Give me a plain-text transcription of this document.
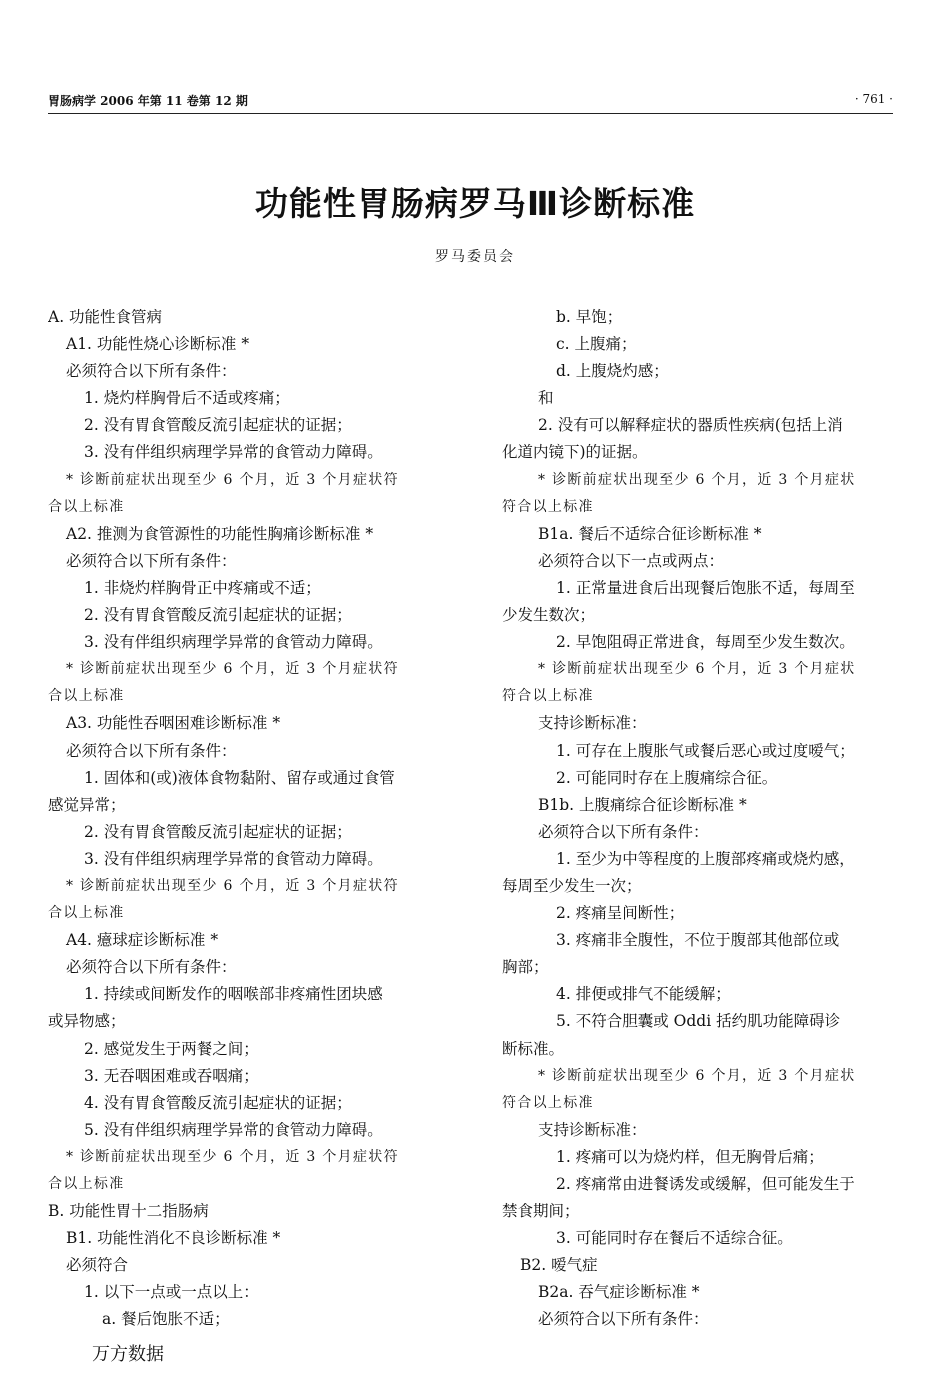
胃肠病学 2006 年第 11 卷第 12 期	· 761 ·
功能性胃肠病罗马Ⅲ诊断标准
罗马委员会
A. 功能性食管病
A1. 功能性烧心诊断标准 *
必须符合以下所有条件：
1. 烧灼样胸骨后不适或疼痛；
2. 没有胃食管酸反流引起症状的证据；
3. 没有伴组织病理学异常的食管动力障碍。
* 诊断前症状出现至少 6 个月，近 3 个月症状符
合以上标准
A2. 推测为食管源性的功能性胸痛诊断标准 *
必须符合以下所有条件：
1. 非烧灼样胸骨正中疼痛或不适；
2. 没有胃食管酸反流引起症状的证据；
3. 没有伴组织病理学异常的食管动力障碍。
* 诊断前症状出现至少 6 个月，近 3 个月症状符
合以上标准
A3. 功能性吞咽困难诊断标准 *
必须符合以下所有条件：
1. 固体和(或)液体食物黏附、留存或通过食管
感觉异常；
2. 没有胃食管酸反流引起症状的证据；
3. 没有伴组织病理学异常的食管动力障碍。
* 诊断前症状出现至少 6 个月，近 3 个月症状符
合以上标准
A4. 癔球症诊断标准 *
必须符合以下所有条件：
1. 持续或间断发作的咽喉部非疼痛性团块感
或异物感；
2. 感觉发生于两餐之间；
3. 无吞咽困难或吞咽痛；
4. 没有胃食管酸反流引起症状的证据；
5. 没有伴组织病理学异常的食管动力障碍。
* 诊断前症状出现至少 6 个月，近 3 个月症状符
合以上标准
B. 功能性胃十二指肠病
B1. 功能性消化不良诊断标准 *
必须符合
1. 以下一点或一点以上：
a. 餐后饱胀不适；
b. 早饱；
c. 上腹痛；
d. 上腹烧灼感；
和
2. 没有可以解释症状的器质性疾病(包括上消
化道内镜下)的证据。
* 诊断前症状出现至少 6 个月，近 3 个月症状
符合以上标准
B1a. 餐后不适综合征诊断标准 *
必须符合以下一点或两点：
1. 正常量进食后出现餐后饱胀不适，每周至
少发生数次；
2. 早饱阻碍正常进食，每周至少发生数次。
* 诊断前症状出现至少 6 个月，近 3 个月症状
符合以上标准
支持诊断标准：
1. 可存在上腹胀气或餐后恶心或过度嗳气；
2. 可能同时存在上腹痛综合征。
B1b. 上腹痛综合征诊断标准 *
必须符合以下所有条件：
1. 至少为中等程度的上腹部疼痛或烧灼感，
每周至少发生一次；
2. 疼痛呈间断性；
3. 疼痛非全腹性，不位于腹部其他部位或
胸部；
4. 排便或排气不能缓解；
5. 不符合胆囊或 Oddi 括约肌功能障碍诊
断标准。
* 诊断前症状出现至少 6 个月，近 3 个月症状
符合以上标准
支持诊断标准：
1. 疼痛可以为烧灼样，但无胸骨后痛；
2. 疼痛常由进餐诱发或缓解，但可能发生于
禁食期间；
3. 可能同时存在餐后不适综合征。
B2. 嗳气症
B2a. 吞气症诊断标准 *
必须符合以下所有条件：
万方数据
